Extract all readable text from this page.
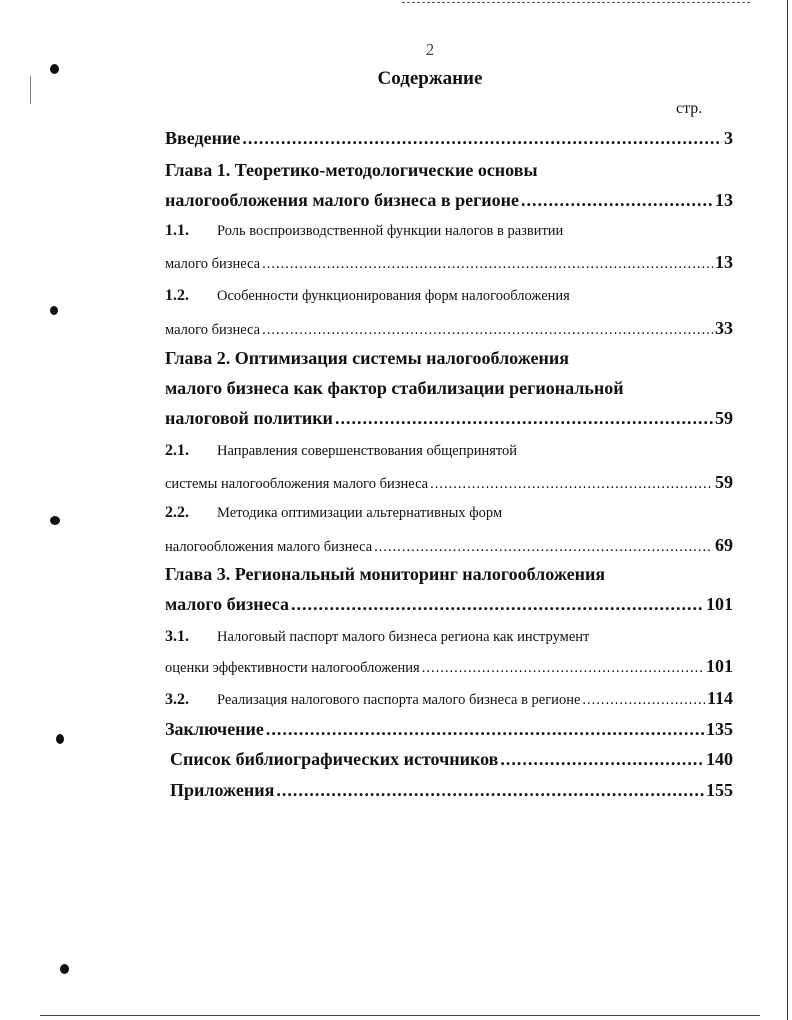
2
Содержание
стр.
Введение .....	3
Глава 1. Теоретико-методологические основы
налогообложения малого бизнеса в регионе .....	13
1.1. Роль воспроизводственной функции налогов в развитии
малого бизнеса .....	13
1.2. Особенности функционирования форм налогообложения
малого бизнеса .....	33
Глава 2. Оптимизация системы налогообложения
малого бизнеса как фактор стабилизации региональной
налоговой политики .....	59
2.1. Направления совершенствования общепринятой
системы налогообложения малого бизнеса .....	59
2.2. Методика оптимизации альтернативных форм
налогообложения малого бизнеса .....	69
Глава 3. Региональный мониторинг налогообложения
малого бизнеса .....	101
3.1. Налоговый паспорт малого бизнеса региона как инструмент
оценки эффективности налогообложения .....	101
3.2.	Реализация налогового паспорта малого бизнеса в регионе .....	114
Заключение .....	135
Список библиографических источников .....	140
Приложения .....	155
